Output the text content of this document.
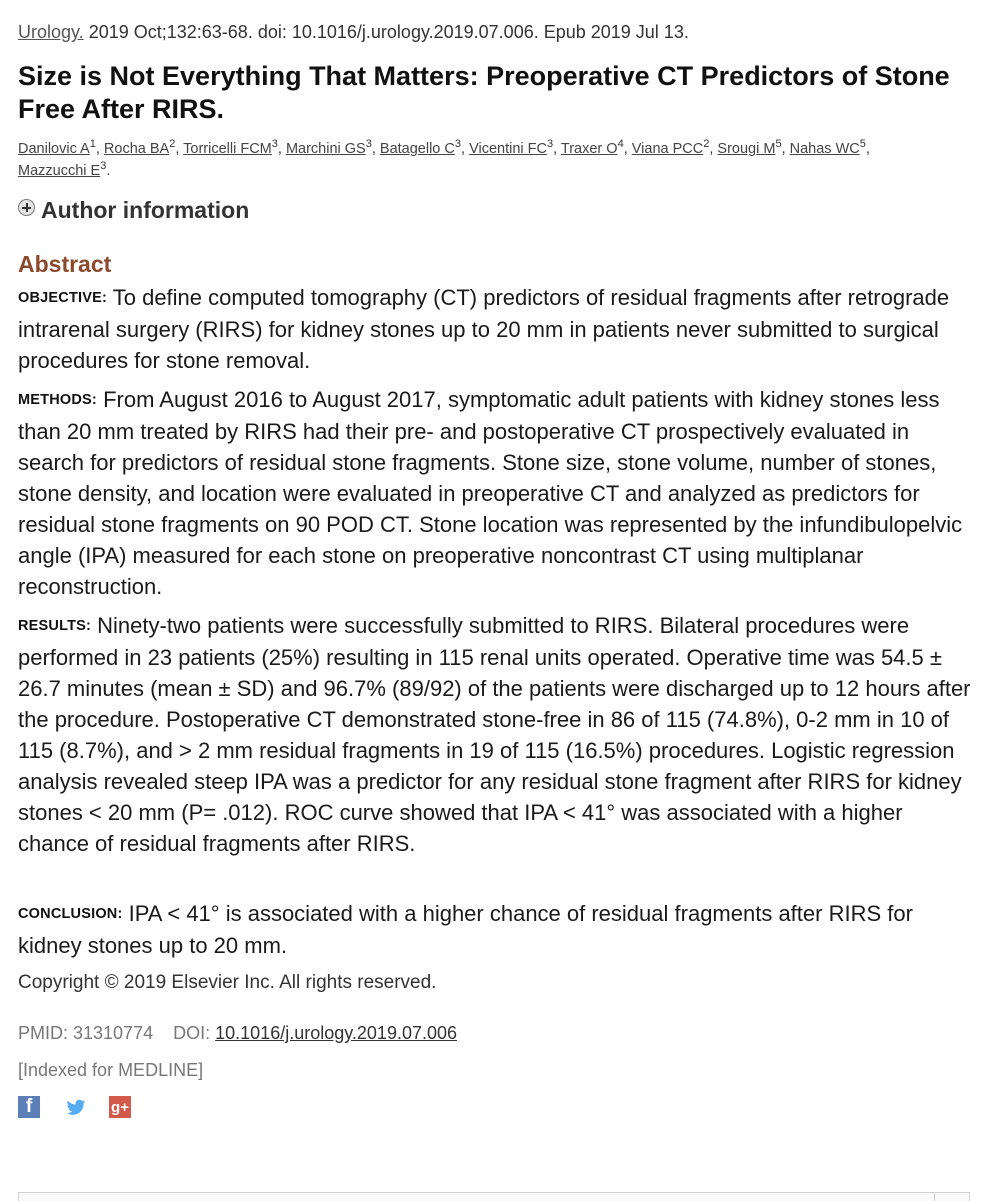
Urology. 2019 Oct;132:63-68. doi: 10.1016/j.urology.2019.07.006. Epub 2019 Jul 13.
Size is Not Everything That Matters: Preoperative CT Predictors of Stone Free After RIRS.
Danilovic $A^1$, Rocha $BA^2$, Torricelli FCM$^3$, Marchini $GS^3$, Batagello $C^3$, Vicentini $FC^3$, Traxer $O^4$, Viana PCC$^2$, Srougi $M^5$, Nahas $WC^5$,
Mazzucchi $E^3$.
Author information
Abstract

OBJECTIVE: To define computed tomography (CT) predictors of residual fragments after retrograde intrarenal surgery (RIRS) for kidney stones up to 20 mm in patients never submitted to surgical procedures for stone removal.

METHODS: From August 2016 to August 2017, symptomatic adult patients with kidney stones less than 20 mm treated by RIRS had their pre- and postoperative CT prospectively evaluated in search for predictors of residual stone fragments. Stone size, stone volume, number of stones, stone density, and location were evaluated in preoperative CT and analyzed as predictors for residual stone fragments on 90 POD CT. Stone location was represented by the infundibulopelvic angle (IPA) measured for each stone on preoperative noncontrast CT using multiplanar reconstruction.

RESULTS: Ninety-two patients were successfully submitted to RIRS. Bilateral procedures were performed in 23 patients (25%) resulting in 115 renal units operated. Operative time was 54.5 ± 26.7 minutes (mean ± SD) and 96.7% (89/92) of the patients were discharged up to 12 hours after the procedure. Postoperative CT demonstrated stone-free in 86 of 115 (74.8%), 0-2 mm in 10 of 115 (8.7%), and > 2 mm residual fragments in 19 of 115 (16.5%) procedures. Logistic regression analysis revealed steep IPA was a predictor for any residual stone fragment after RIRS for kidney stones < 20 mm (P= .012). ROC curve showed that IPA < 41° was associated with a higher chance of residual fragments after RIRS.

CONCLUSION: IPA < 41° is associated with a higher chance of residual fragments after RIRS for kidney stones up to 20 mm.

Copyright © 2019 Elsevier Inc. All rights reserved.
PMID: 31310774 DOI: 10.1016/j.urology.2019.07.006
[Indexed for MEDLINE]
f	g+
